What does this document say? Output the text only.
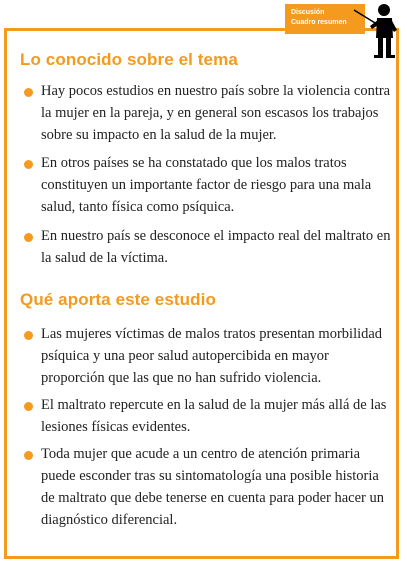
Discusión
Cuadro resumen
Lo conocido sobre el tema
Hay pocos estudios en nuestro país sobre la violencia contra la mujer en la pareja, y en general son escasos los trabajos sobre su impacto en la salud de la mujer.
En otros países se ha constatado que los malos tratos constituyen un importante factor de riesgo para una mala salud, tanto física como psíquica.
En nuestro país se desconoce el impacto real del maltrato en la salud de la víctima.
Qué aporta este estudio
Las mujeres víctimas de malos tratos presentan morbilidad psíquica y una peor salud autopercibida en mayor proporción que las que no han sufrido violencia.
El maltrato repercute en la salud de la mujer más allá de las lesiones físicas evidentes.
Toda mujer que acude a un centro de atención primaria puede esconder tras su sintomatología una posible historia de maltrato que debe tenerse en cuenta para poder hacer un diagnóstico diferencial.
